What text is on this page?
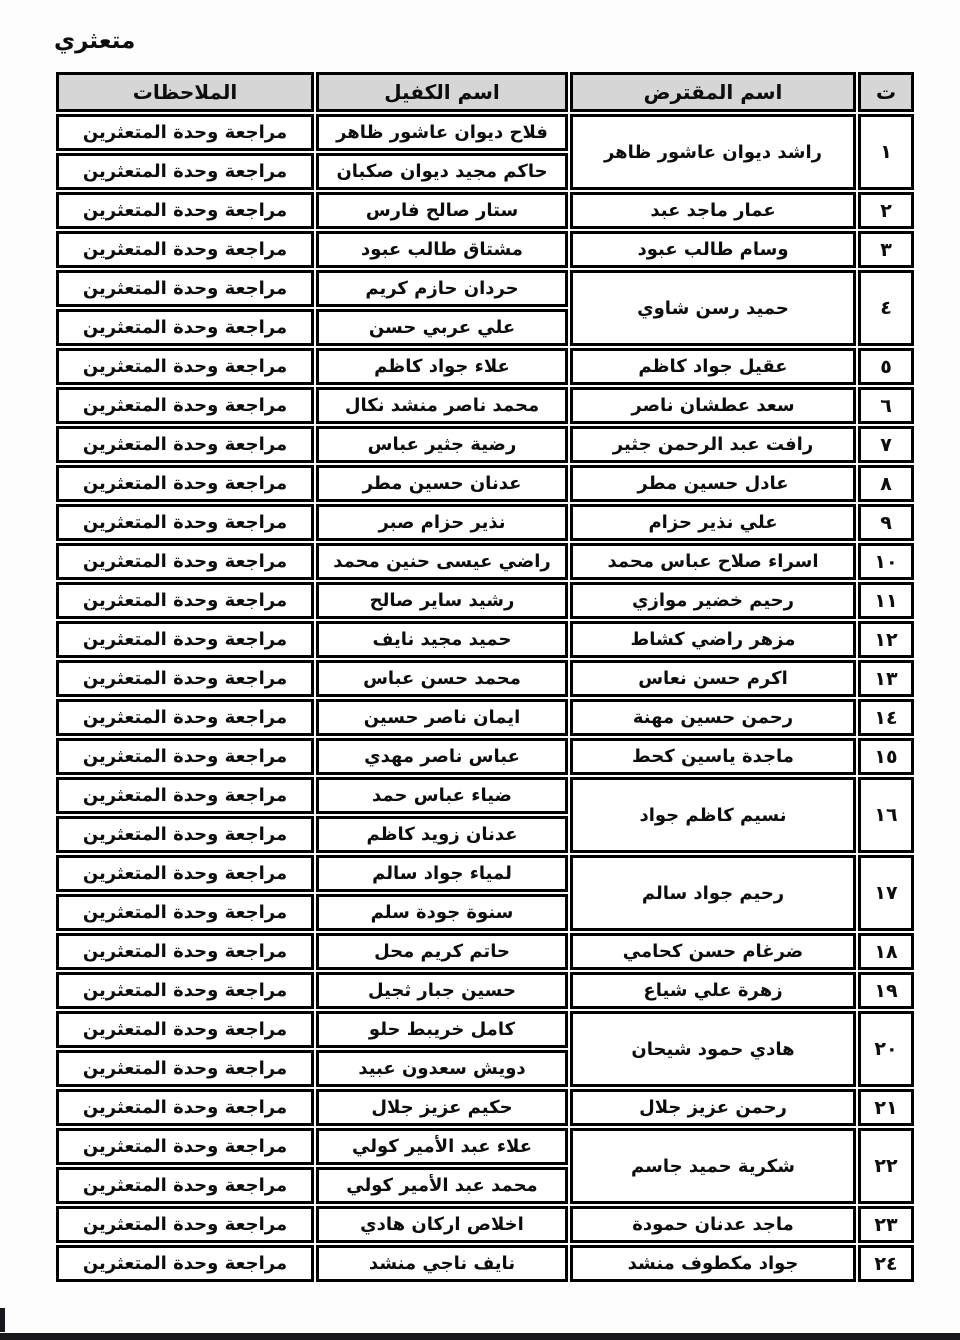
متعثري
ت	اسم المقترض	اسم الكفيل	الملاحظات
١	راشد ديوان عاشور ظاهر	فلاح ديوان عاشور ظاهر	مراجعة وحدة المتعثرين
		حاكم مجيد ديوان صكبان	مراجعة وحدة المتعثرين
٢	عمار ماجد عبد	ستار صالح فارس	مراجعة وحدة المتعثرين
٣	وسام طالب عبود	مشتاق طالب عبود	مراجعة وحدة المتعثرين
٤	حميد رسن شاوي	حردان حازم كريم	مراجعة وحدة المتعثرين
		علي عربي حسن	مراجعة وحدة المتعثرين
٥	عقيل جواد كاظم	علاء جواد كاظم	مراجعة وحدة المتعثرين
٦	سعد عطشان ناصر	محمد ناصر منشد نكال	مراجعة وحدة المتعثرين
٧	رافت عبد الرحمن جثير	رضية جثير عباس	مراجعة وحدة المتعثرين
٨	عادل حسين مطر	عدنان حسين مطر	مراجعة وحدة المتعثرين
٩	علي نذير حزام	نذير حزام صبر	مراجعة وحدة المتعثرين
١٠	اسراء صلاح عباس محمد	راضي عيسى حنين محمد	مراجعة وحدة المتعثرين
١١	رحيم خضير موازي	رشيد ساير صالح	مراجعة وحدة المتعثرين
١٢	مزهر راضي كشاط	حميد مجيد نايف	مراجعة وحدة المتعثرين
١٣	اكرم حسن نعاس	محمد حسن عباس	مراجعة وحدة المتعثرين
١٤	رحمن حسين مهنة	ايمان ناصر حسين	مراجعة وحدة المتعثرين
١٥	ماجدة ياسين كحط	عباس ناصر مهدي	مراجعة وحدة المتعثرين
١٦	نسيم كاظم جواد	ضياء عباس حمد	مراجعة وحدة المتعثرين
		عدنان زويد كاظم	مراجعة وحدة المتعثرين
١٧	رحيم جواد سالم	لمياء جواد سالم	مراجعة وحدة المتعثرين
		سنوة جودة سلم	مراجعة وحدة المتعثرين
١٨	ضرغام حسن كحامي	حاتم كريم محل	مراجعة وحدة المتعثرين
١٩	زهرة علي شياع	حسين جبار ثجيل	مراجعة وحدة المتعثرين
٢٠	هادي حمود شيحان	كامل خريبط حلو	مراجعة وحدة المتعثرين
		دويش سعدون عبيد	مراجعة وحدة المتعثرين
٢١	رحمن عزيز جلال	حكيم عزيز جلال	مراجعة وحدة المتعثرين
٢٢	شكرية حميد جاسم	علاء عبد الأمير كولي	مراجعة وحدة المتعثرين
		محمد عبد الأمير كولي	مراجعة وحدة المتعثرين
٢٣	ماجد عدنان حمودة	اخلاص اركان هادي	مراجعة وحدة المتعثرين
٢٤	جواد مكطوف منشد	نايف ناجي منشد	مراجعة وحدة المتعثرين
